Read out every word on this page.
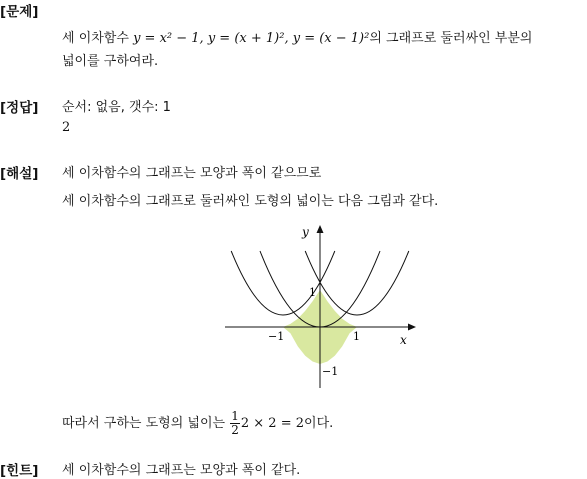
[문제]
세 이차함수 y = x² − 1, y = (x + 1)², y = (x − 1)²의 그래프로 둘러싸인 부분의
넓이를 구하여라.
[정답] 순서: 없음, 갯수: 1
2
[해설] 세 이차함수의 그래프는 모양과 폭이 같으므로
세 이차함수의 그래프로 둘러싸인 도형의 넓이는 다음 그림과 같다.
y
x
1
−1	1
−1
따라서 구하는 도형의 넓이는 $\frac{1}{2} 2 \times 2 = 2$이다.
[힌트] 세 이차함수의 그래프는 모양과 폭이 같다.
